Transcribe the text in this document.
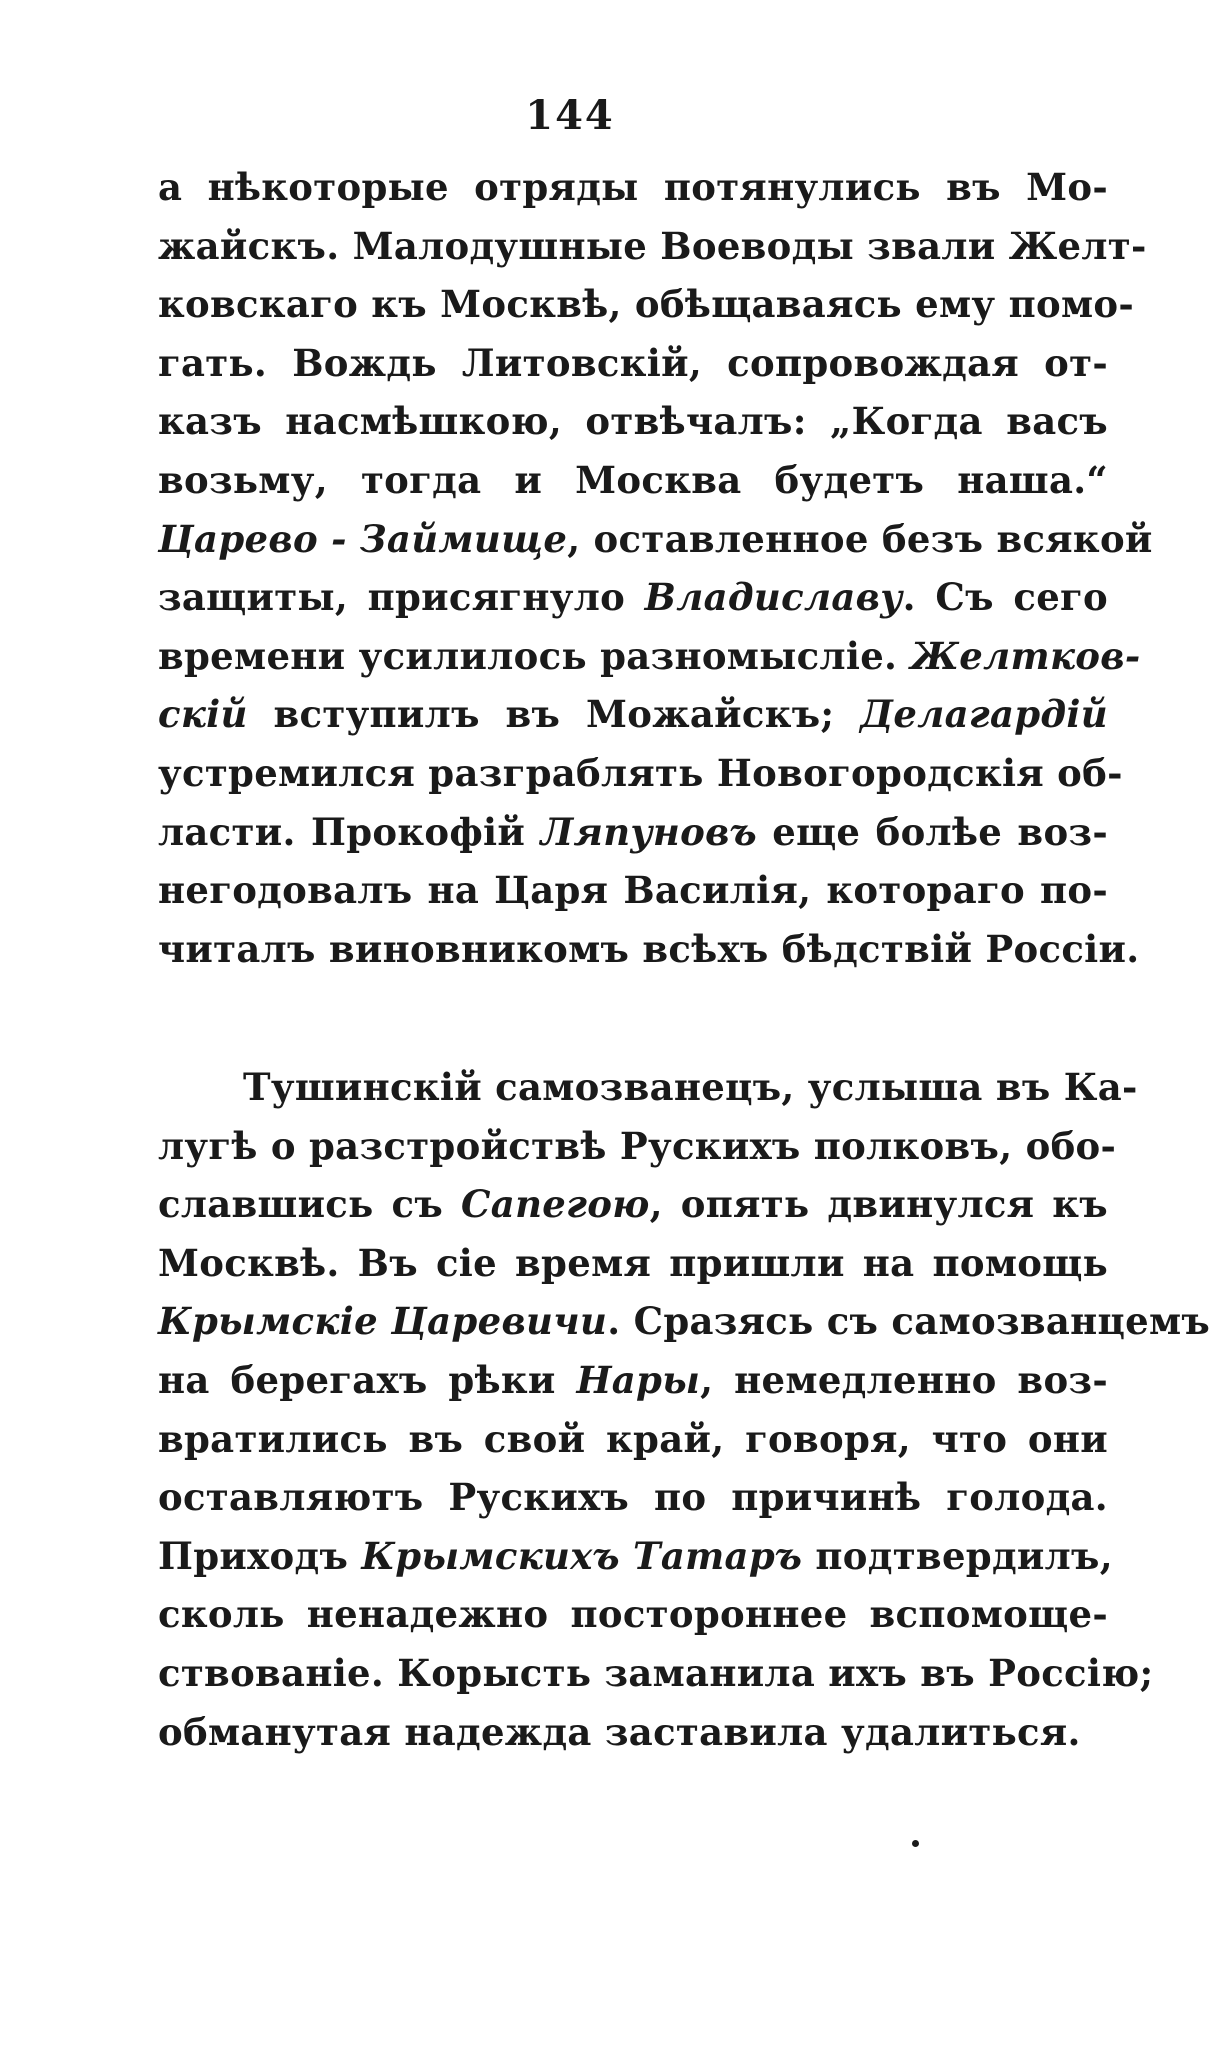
144
а нѣкоторые отряды потянулись въ Мо-
жайскъ. Малодушные Воеводы звали Желт-
ковскаго къ Москвѣ, обѣщаваясь ему помо-
гать. Вождь Литовскій, сопровождая от-
казъ насмѣшкою, отвѣчалъ: „Когда васъ
возьму, тогда и Москва будетъ наша.“
Царево - Займище, оставленное безъ всякой
защиты, присягнуло Владиславу. Съ сего
времени усилилось разномысліе. Желтков-
скій вступилъ въ Можайскъ; Делагардій
устремился разграблять Новогородскія об-
ласти. Прокофій Ляпуновъ еще болѣе воз-
негодовалъ на Царя Василія, котораго по-
читалъ виновникомъ всѣхъ бѣдствій Россіи.
Тушинскій самозванецъ, услыша въ Ка-
лугѣ о разстройствѣ Рускихъ полковъ, обо-
славшись съ Сапегою, опять двинулся къ
Москвѣ. Въ сіе время пришли на помощь
Крымскіе Царевичи. Сразясь съ самозванцемъ
на берегахъ рѣки Нары, немедленно воз-
вратились въ свой край, говоря, что они
оставляютъ Рускихъ по причинѣ голода.
Приходъ Крымскихъ Татаръ подтвердилъ,
сколь ненадежно постороннее вспомоще-
ствованіе. Корысть заманила ихъ въ Россію;
обманутая надежда заставила удалиться.
